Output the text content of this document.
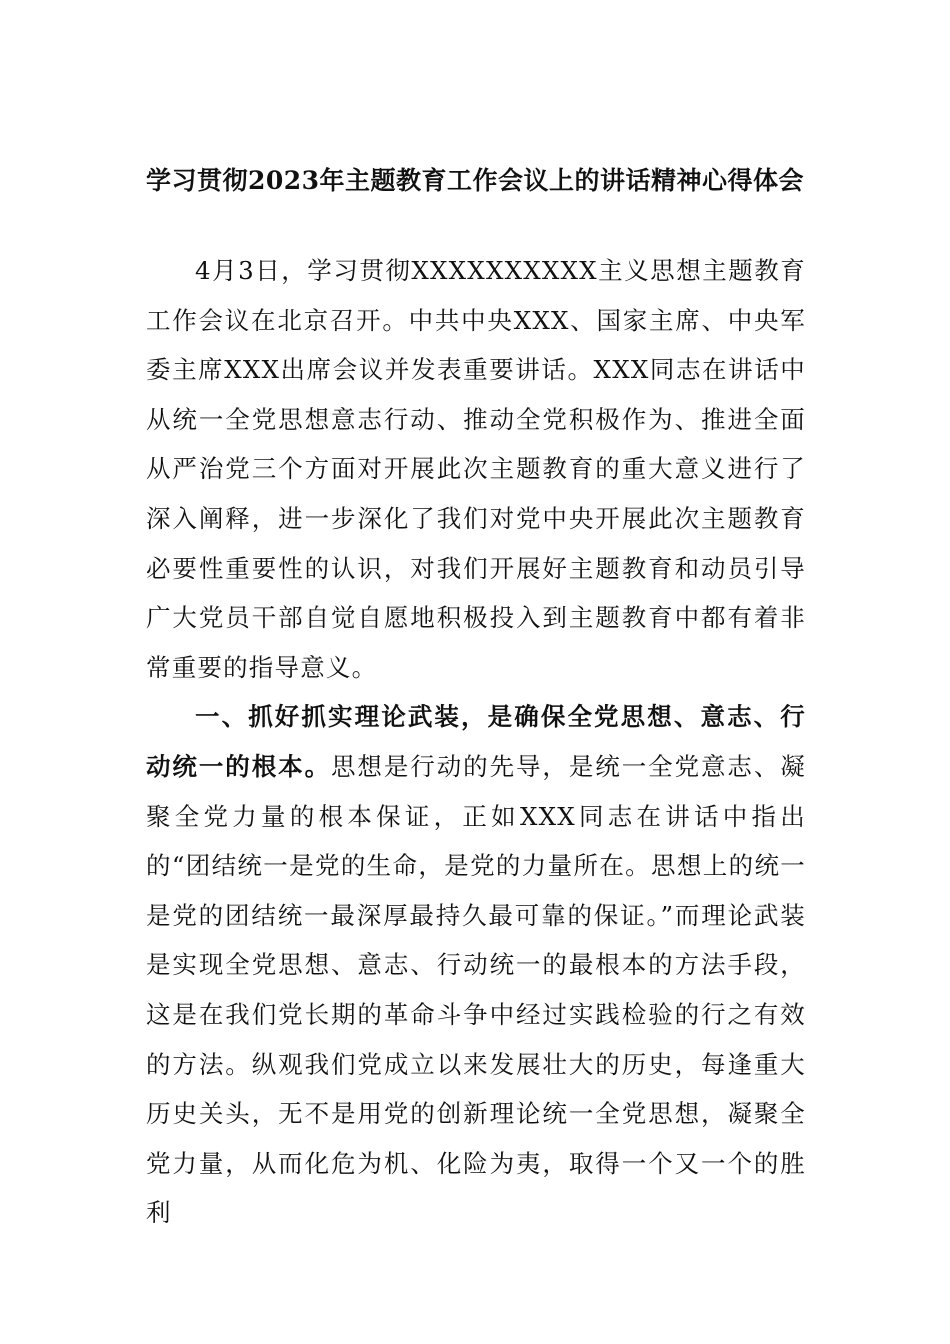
学习贯彻2023年主题教育工作会议上的讲话精神心得体会

4月3日，学习贯彻XXXXXXXXXX主义思想主题教育工作会议在北京召开。中共中央XXX、国家主席、中央军委主席XXX出席会议并发表重要讲话。XXX同志在讲话中从统一全党思想意志行动、推动全党积极作为、推进全面从严治党三个方面对开展此次主题教育的重大意义进行了深入阐释，进一步深化了我们对党中央开展此次主题教育必要性重要性的认识，对我们开展好主题教育和动员引导广大党员干部自觉自愿地积极投入到主题教育中都有着非常重要的指导意义。

一、抓好抓实理论武装，是确保全党思想、意志、行动统一的根本。思想是行动的先导，是统一全党意志、凝聚全党力量的根本保证，正如XXX同志在讲话中指出的“团结统一是党的生命，是党的力量所在。思想上的统一是党的团结统一最深厚最持久最可靠的保证。”而理论武装是实现全党思想、意志、行动统一的最根本的方法手段，这是在我们党长期的革命斗争中经过实践检验的行之有效的方法。纵观我们党成立以来发展壮大的历史，每逢重大历史关头，无不是用党的创新理论统一全党思想，凝聚全党力量，从而化危为机、化险为夷，取得一个又一个的胜利
